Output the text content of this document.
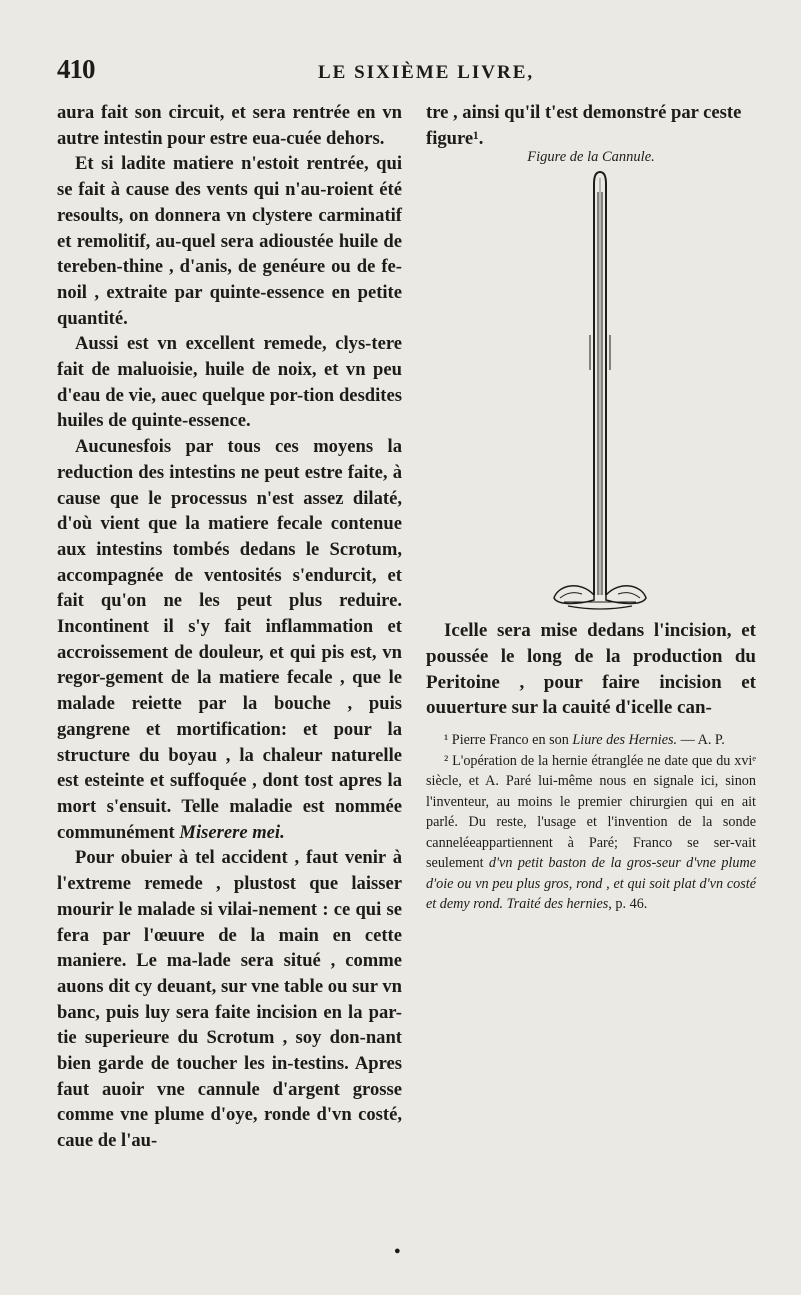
410	LE SIXIÈME LIVRE,

aura fait son circuit, et sera rentrée en vn autre intestin pour estre eua-cuée dehors.

Et si ladite matiere n'estoit rentrée, qui se fait à cause des vents qui n'au-roient été resoults, on donnera vn clystere carminatif et remolitif, au-quel sera adioustée huile de tereben-thine , d'anis, de genéure ou de fe-noil , extraite par quinte-essence en petite quantité.

Aussi est vn excellent remede, clys-tere fait de maluoisie, huile de noix, et vn peu d'eau de vie, auec quelque por-tion desdites huiles de quinte-essence.

Aucunesfois par tous ces moyens la reduction des intestins ne peut estre faite, à cause que le processus n'est assez dilaté, d'où vient que la matiere fecale contenue aux intestins tombés dedans le Scrotum, accompagnée de ventosités s'endurcit, et fait qu'on ne les peut plus reduire. Incontinent il s'y fait inflammation et accroissement de douleur, et qui pis est, vn regor-gement de la matiere fecale , que le malade reiette par la bouche , puis gangrene et mortification: et pour la structure du boyau , la chaleur naturelle est esteinte et suffoquée , dont tost apres la mort s'ensuit. Telle maladie est nommée communément Miserere mei.

Pour obuier à tel accident , faut venir à l'extreme remede , plustost que laisser mourir le malade si vilai-nement : ce qui se fera par l'œuure de la main en cette maniere. Le ma-lade sera situé , comme auons dit cy deuant, sur vne table ou sur vn banc, puis luy sera faite incision en la par-tie superieure du Scrotum , soy don-nant bien garde de toucher les in-testins. Apres faut auoir vne cannule d'argent grosse comme vne plume d'oye, ronde d'vn costé, caue de l'au-

tre , ainsi qu'il t'est demonstré par ceste figure¹.

Figure de la Cannule.

Icelle sera mise dedans l'incision, et poussée le long de la production du Peritoine , pour faire incision et ouuerture sur la cauité d'icelle can-

¹ Pierre Franco en son Liure des Hernies. — A. P.

² L'opération de la hernie étranglée ne date que du xviᵉ siècle, et A. Paré lui-même nous en signale ici, sinon l'inventeur, au moins le premier chirurgien qui en ait parlé. Du reste, l'usage et l'invention de la sonde canneléeappartiennent à Paré; Franco se ser-vait seulement d'vn petit baston de la gros-seur d'vne plume d'oie ou vn peu plus gros, rond , et qui soit plat d'vn costé et demy rond. Traité des hernies, p. 46.

●
